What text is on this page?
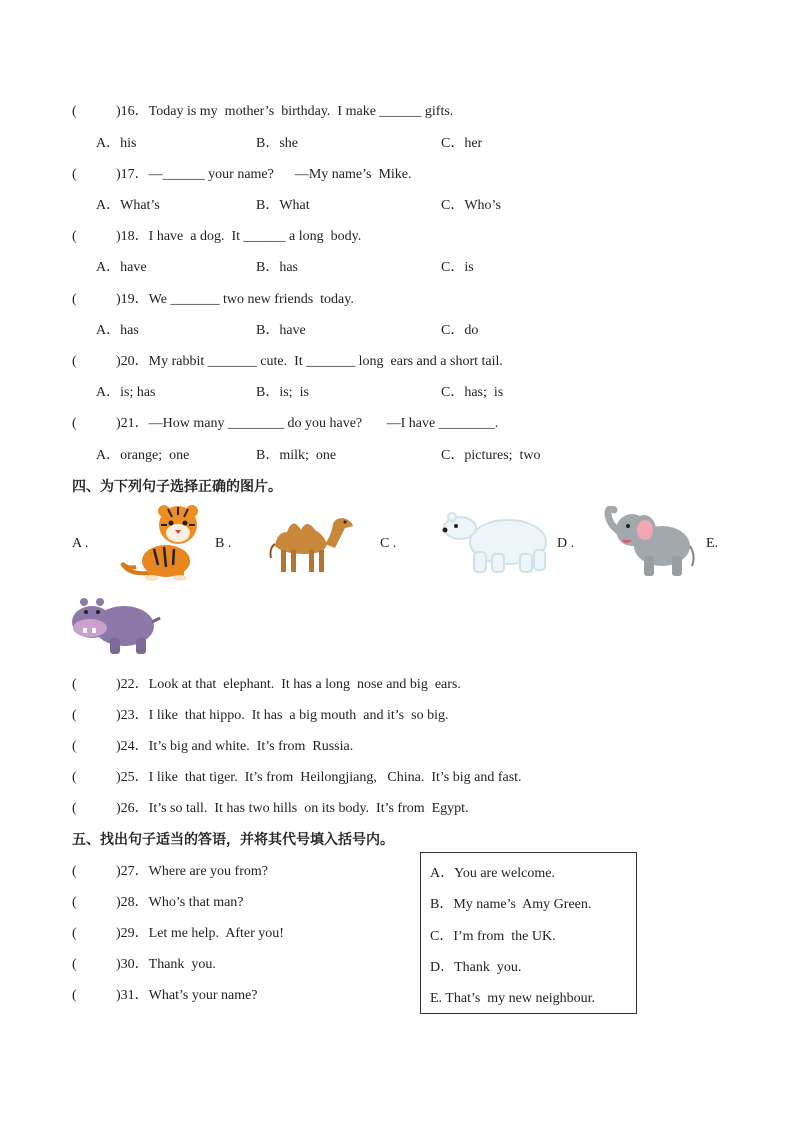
(	)16．Today is my  mother’s  birthday.  I make ______ gifts.
A．his	B．she	C．her
(	)17．—______ your name?      —My name’s  Mike.
A．What’s	B．What	C．Who’s
(	)18．I have  a dog.  It ______ a long  body.
A．have	B．has	C．is
(	)19．We _______ two new friends  today.
A．has	B．have	C．do
(	)20．My rabbit _______ cute.  It _______ long  ears and a short tail.
A．is; has	B．is;  is	C．has;  is
(	)21．—How many ________ do you have?       —I have ________.
A．orange;  one	B．milk;  one	C．pictures;  two
四、为下列句子选择正确的图片。
A .	B .	C .	D .	E.
(	)22．Look at that  elephant.  It has a long  nose and big  ears.
(	)23．I like  that hippo.  It has  a big mouth  and it’s  so big.
(	)24．It’s big and white.  It’s from  Russia.
(	)25．I like  that tiger.  It’s from  Heilongjiang,   China.  It’s big and fast.
(	)26．It’s so tall.  It has two hills  on its body.  It’s from  Egypt.
五、找出句子适当的答语，并将其代号填入括号内。
(	)27．Where are you from?
(	)28．Who’s that man?
(	)29．Let me help.  After you!
(	)30．Thank  you.
(	)31．What’s your name?
A．You are welcome.
B．My name’s  Amy Green.
C．I’m from  the UK.
D．Thank  you.
E. That’s  my new neighbour.
